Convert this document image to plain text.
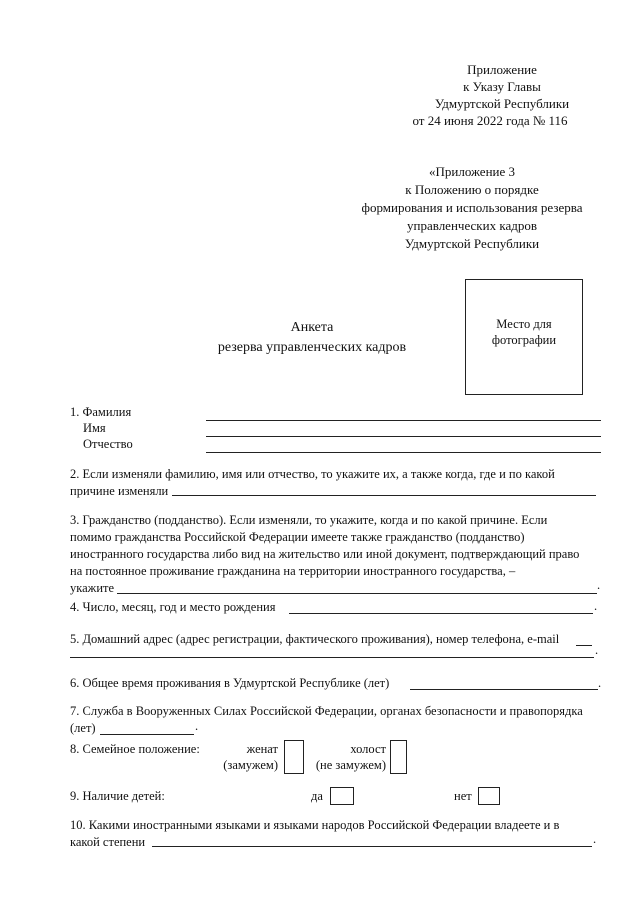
Приложение
к Указу Главы
Удмуртской Республики
от 24 июня 2022 года № 116
«Приложение 3
к Положению о порядке
формирования и использования резерва
управленческих кадров
Удмуртской Республики
Анкета
резерва управленческих кадров
Место для
фотографии
1. Фамилия
Имя
Отчество
2. Если изменяли фамилию, имя или отчество, то укажите их, а также когда, где и по какой
причине изменяли
3. Гражданство (подданство). Если изменяли, то укажите, когда и по какой причине. Если
помимо гражданства Российской Федерации имеете также гражданство (подданство)
иностранного государства либо вид на жительство или иной документ, подтверждающий право
на постоянное проживание гражданина на территории иностранного государства, –
укажите	.
4. Число, месяц, год и место рождения	.
5. Домашний адрес (адрес регистрации, фактического проживания), номер телефона, e-mail
.
6. Общее время проживания в Удмуртской Республике (лет)	.
7. Служба в Вооруженных Силах Российской Федерации, органах безопасности и правопорядка
(лет)	.
8. Семейное положение:	женат
(замужем)
холост
(не замужем)
9. Наличие детей:	да	нет
10. Какими иностранными языками и языками народов Российской Федерации владеете и в
какой степени	.
